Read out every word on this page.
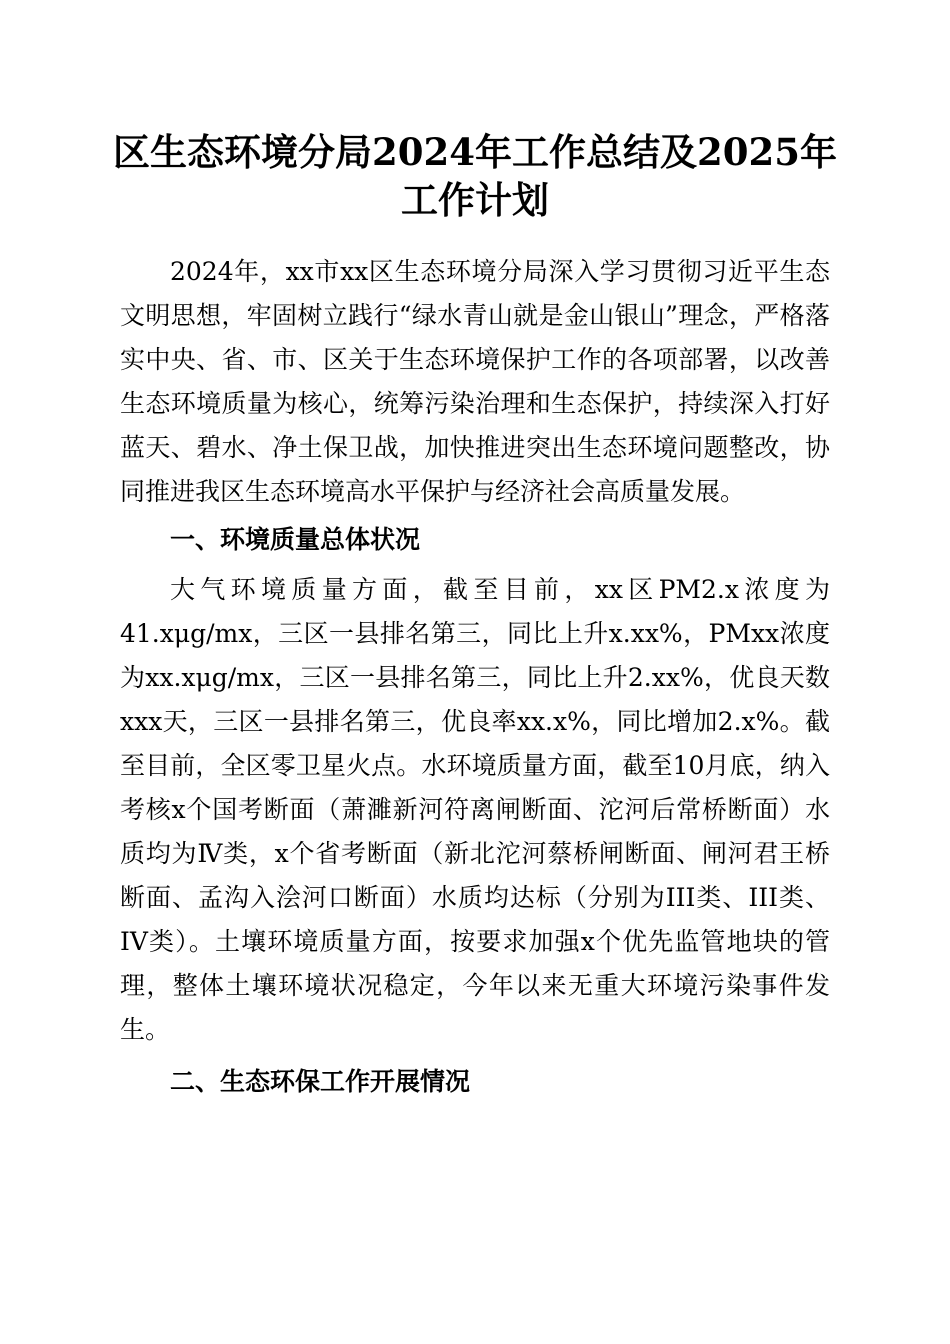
区生态环境分局2024年工作总结及2025年工作计划

2024年，xx市xx区生态环境分局深入学习贯彻习近平生态文明思想，牢固树立践行“绿水青山就是金山银山”理念，严格落实中央、省、市、区关于生态环境保护工作的各项部署，以改善生态环境质量为核心，统筹污染治理和生态保护，持续深入打好蓝天、碧水、净土保卫战，加快推进突出生态环境问题整改，协同推进我区生态环境高水平保护与经济社会高质量发展。

一、环境质量总体状况

大气环境质量方面，截至目前，xx区PM2.x浓度为41.xμg/mx，三区一县排名第三，同比上升x.xx%，PMxx浓度为xx.xμg/mx，三区一县排名第三，同比上升2.xx%，优良天数xxx天，三区一县排名第三，优良率xx.x%，同比增加2.x%。截至目前，全区零卫星火点。水环境质量方面，截至10月底，纳入考核x个国考断面（萧濉新河符离闸断面、沱河后常桥断面）水质均为Ⅳ类，x个省考断面（新北沱河蔡桥闸断面、闸河君王桥断面、孟沟入浍河口断面）水质均达标（分别为III类、III类、IV类）。土壤环境质量方面，按要求加强x个优先监管地块的管理，整体土壤环境状况稳定，今年以来无重大环境污染事件发生。

二、生态环保工作开展情况
